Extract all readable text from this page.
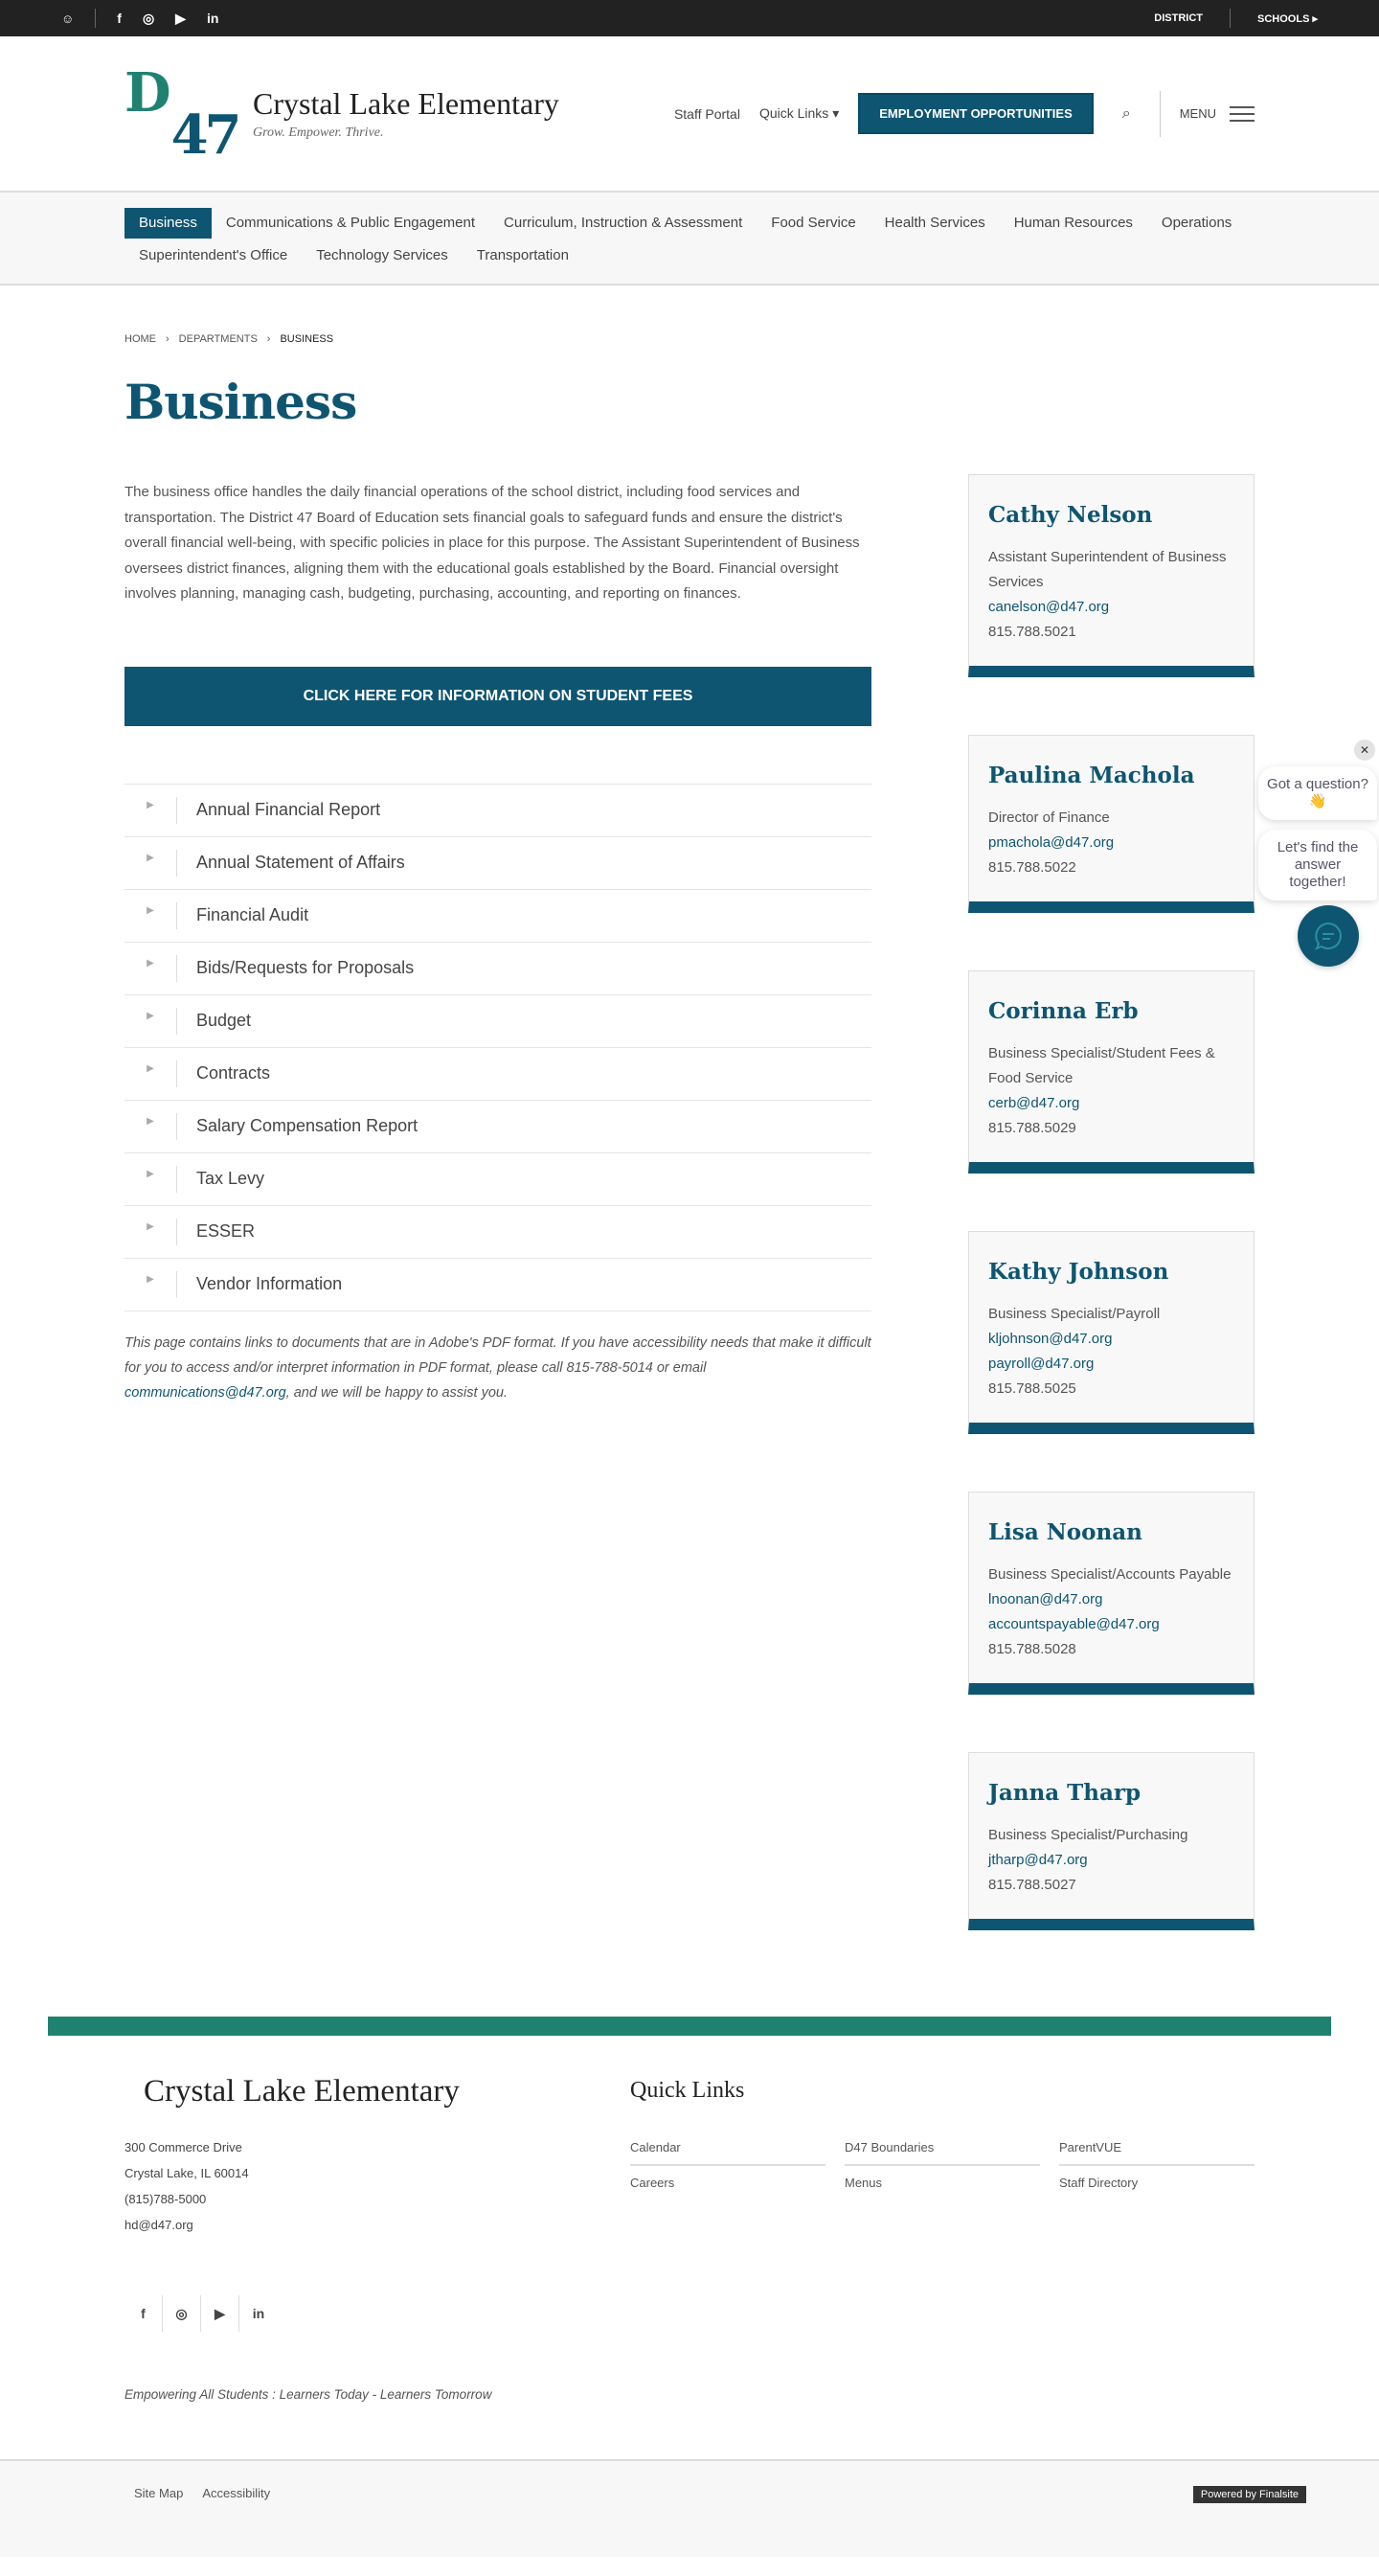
☺	f ◎ ▶ in	DISTRICT	SCHOOLS ▸
D
47 Crystal Lake Elementary
Grow. Empower. Thrive.
Staff Portal Quick Links ▾	EMPLOYMENT OPPORTUNITIES	⌕	MENU
Business	Communications & Public Engagement	Curriculum, Instruction & Assessment	Food Service	Health Services	Human Resources	Operations
Superintendent's Office	Technology Services	Transportation
HOME › DEPARTMENTS › BUSINESS
Business

The business office handles the daily financial operations of the school district, including food services and transportation. The District 47 Board of Education sets financial goals to safeguard funds and ensure the district's overall financial well-being, with specific policies in place for this purpose. The Assistant Superintendent of Business oversees district finances, aligning them with the educational goals established by the Board. Financial oversight involves planning, managing cash, budgeting, purchasing, accounting, and reporting on finances.

CLICK HERE FOR INFORMATION ON STUDENT FEES
▶	Annual Financial Report
▶	Annual Statement of Affairs
▶	Financial Audit
▶	Bids/Requests for Proposals
▶	Budget
▶	Contracts
▶	Salary Compensation Report
▶	Tax Levy
▶	ESSER
▶	Vendor Information

This page contains links to documents that are in Adobe's PDF format. If you have accessibility needs that make it difficult for you to access and/or interpret information in PDF format, please call 815-788-5014 or email communications@d47.org, and we will be happy to assist you.

Cathy Nelson

Assistant Superintendent of Business Services

canelson@d47.org

815.788.5021

Paulina Machola

Director of Finance

pmachola@d47.org

815.788.5022

Corinna Erb

Business Specialist/Student Fees & Food Service

cerb@d47.org

815.788.5029

Kathy Johnson

Business Specialist/Payroll

kljohnson@d47.org
payroll@d47.org

815.788.5025

Lisa Noonan

Business Specialist/Accounts Payable

lnoonan@d47.org
accountspayable@d47.org

815.788.5028

Janna Tharp

Business Specialist/Purchasing

jtharp@d47.org

815.788.5027

Got a question? 👋
Let's find the answer together!
✕
Crystal Lake Elementary
300 Commerce Drive
Crystal Lake, IL 60014
(815)788-5000
hd@d47.org
f	◎	▶	in
Empowering All Students : Learners Today - Learners Tomorrow
Quick Links
Calendar	D47 Boundaries	ParentVUE
Careers	Menus	Staff Directory
Site Map Accessibility	Powered by Finalsite
